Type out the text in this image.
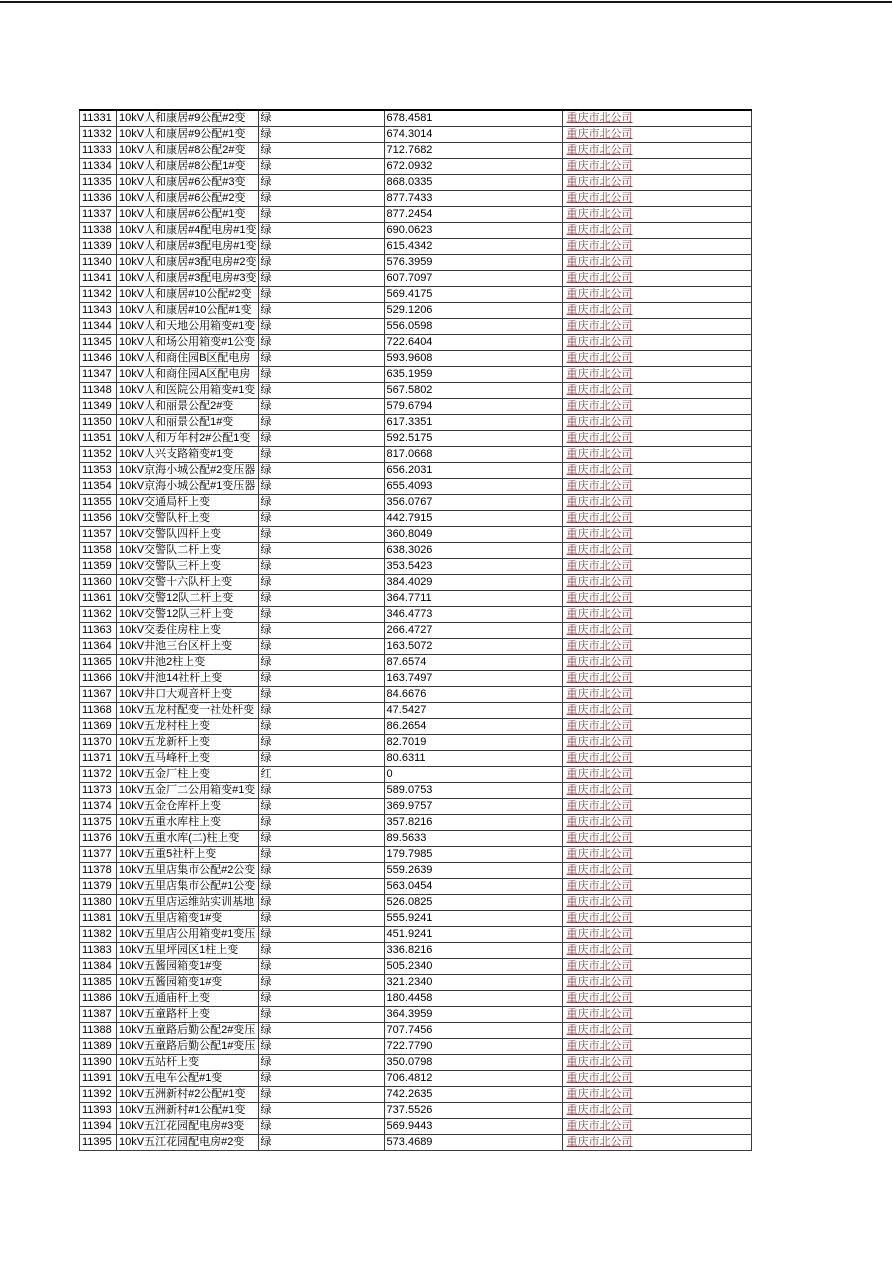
11331	10kV人和康居#9公配#2变	绿	678.4581	重庆市北公司
11332	10kV人和康居#9公配#1变	绿	674.3014	重庆市北公司
11333	10kV人和康居#8公配2#变	绿	712.7682	重庆市北公司
11334	10kV人和康居#8公配1#变	绿	672.0932	重庆市北公司
11335	10kV人和康居#6公配#3变	绿	868.0335	重庆市北公司
11336	10kV人和康居#6公配#2变	绿	877.7433	重庆市北公司
11337	10kV人和康居#6公配#1变	绿	877.2454	重庆市北公司
11338	10kV人和康居#4配电房#1变	绿	690.0623	重庆市北公司
11339	10kV人和康居#3配电房#1变	绿	615.4342	重庆市北公司
11340	10kV人和康居#3配电房#2变	绿	576.3959	重庆市北公司
11341	10kV人和康居#3配电房#3变	绿	607.7097	重庆市北公司
11342	10kV人和康居#10公配#2变	绿	569.4175	重庆市北公司
11343	10kV人和康居#10公配#1变	绿	529.1206	重庆市北公司
11344	10kV人和天地公用箱变#1变	绿	556.0598	重庆市北公司
11345	10kV人和场公用箱变#1公变	绿	722.6404	重庆市北公司
11346	10kV人和商住园B区配电房	绿	593.9608	重庆市北公司
11347	10kV人和商住园A区配电房	绿	635.1959	重庆市北公司
11348	10kV人和医院公用箱变#1变	绿	567.5802	重庆市北公司
11349	10kV人和丽景公配2#变	绿	579.6794	重庆市北公司
11350	10kV人和丽景公配1#变	绿	617.3351	重庆市北公司
11351	10kV人和万年村2#公配1变	绿	592.5175	重庆市北公司
11352	10kV人兴支路箱变#1变	绿	817.0668	重庆市北公司
11353	10kV京海小城公配#2变压器	绿	656.2031	重庆市北公司
11354	10kV京海小城公配#1变压器	绿	655.4093	重庆市北公司
11355	10kV交通局杆上变	绿	356.0767	重庆市北公司
11356	10kV交警队杆上变	绿	442.7915	重庆市北公司
11357	10kV交警队四杆上变	绿	360.8049	重庆市北公司
11358	10kV交警队二杆上变	绿	638.3026	重庆市北公司
11359	10kV交警队三杆上变	绿	353.5423	重庆市北公司
11360	10kV交警十六队杆上变	绿	384.4029	重庆市北公司
11361	10kV交警12队二杆上变	绿	364.7711	重庆市北公司
11362	10kV交警12队三杆上变	绿	346.4773	重庆市北公司
11363	10kV交委住房柱上变	绿	266.4727	重庆市北公司
11364	10kV井池三台区杆上变	绿	163.5072	重庆市北公司
11365	10kV井池2柱上变	绿	87.6574	重庆市北公司
11366	10kV井池14社杆上变	绿	163.7497	重庆市北公司
11367	10kV井口大观音杆上变	绿	84.6676	重庆市北公司
11368	10kV五龙村配变一社处杆变	绿	47.5427	重庆市北公司
11369	10kV五龙村柱上变	绿	86.2654	重庆市北公司
11370	10kV五龙新杆上变	绿	82.7019	重庆市北公司
11371	10kV五马峰杆上变	绿	80.6311	重庆市北公司
11372	10kV五金厂柱上变	红	0	重庆市北公司
11373	10kV五金厂二公用箱变#1变	绿	589.0753	重庆市北公司
11374	10kV五金仓库杆上变	绿	369.9757	重庆市北公司
11375	10kV五重水库柱上变	绿	357.8216	重庆市北公司
11376	10kV五重水库(二)柱上变	绿	89.5633	重庆市北公司
11377	10kV五重5社杆上变	绿	179.7985	重庆市北公司
11378	10kV五里店集市公配#2公变	绿	559.2639	重庆市北公司
11379	10kV五里店集市公配#1公变	绿	563.0454	重庆市北公司
11380	10kV五里店运维站实训基地	绿	526.0825	重庆市北公司
11381	10kV五里店箱变1#变	绿	555.9241	重庆市北公司
11382	10kV五里店公用箱变#1变压	绿	451.9241	重庆市北公司
11383	10kV五里坪园区1柱上变	绿	336.8216	重庆市北公司
11384	10kV五酱园箱变1#变	绿	505.2340	重庆市北公司
11385	10kV五酱园箱变1#变	绿	321.2340	重庆市北公司
11386	10kV五通庙杆上变	绿	180.4458	重庆市北公司
11387	10kV五童路杆上变	绿	364.3959	重庆市北公司
11388	10kV五童路后勤公配2#变压	绿	707.7456	重庆市北公司
11389	10kV五童路后勤公配1#变压	绿	722.7790	重庆市北公司
11390	10kV五站杆上变	绿	350.0798	重庆市北公司
11391	10kV五电车公配#1变	绿	706.4812	重庆市北公司
11392	10kV五洲新村#2公配#1变	绿	742.2635	重庆市北公司
11393	10kV五洲新村#1公配#1变	绿	737.5526	重庆市北公司
11394	10kV五江花园配电房#3变	绿	569.9443	重庆市北公司
11395	10kV五江花园配电房#2变	绿	573.4689	重庆市北公司
